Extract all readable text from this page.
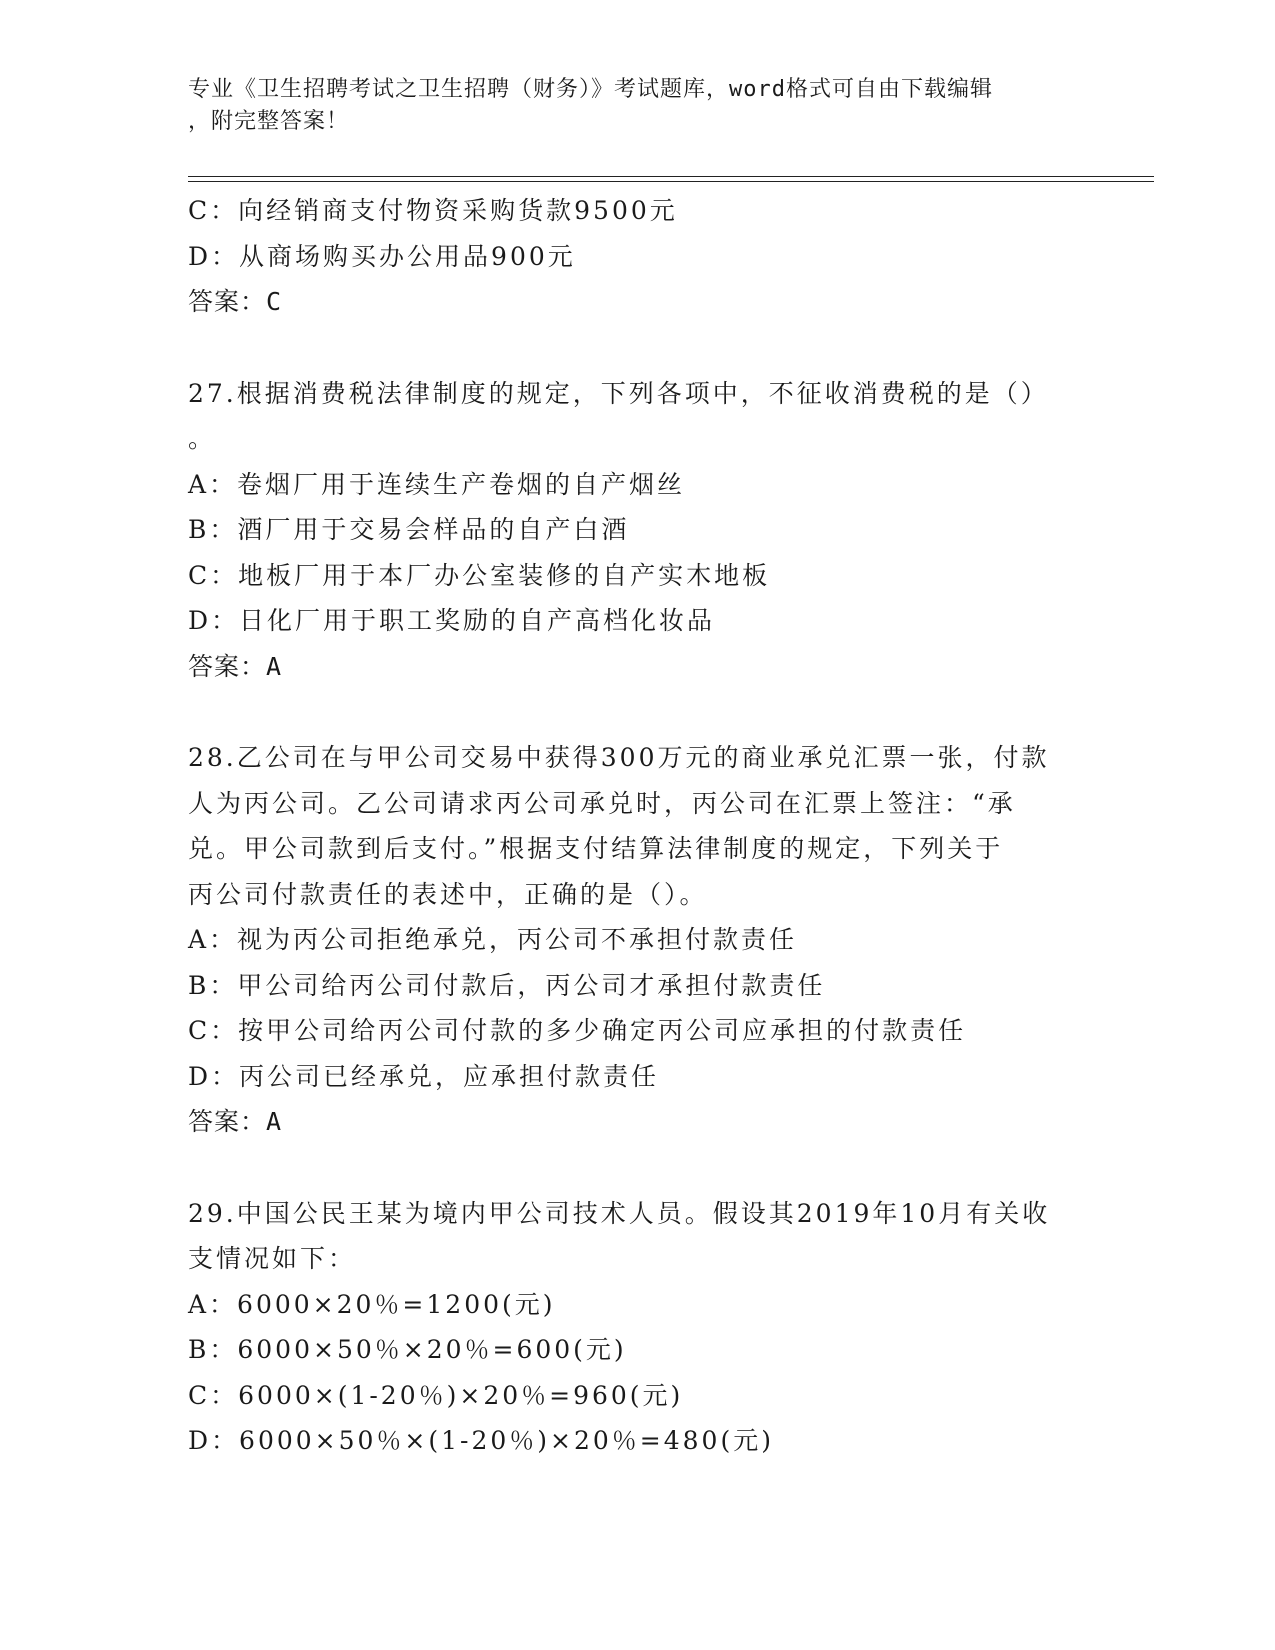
专业《卫生招聘考试之卫生招聘（财务）》考试题库，word格式可自由下载编辑
，附完整答案！
C：向经销商支付物资采购货款9500元
D：从商场购买办公用品900元
答案：C
27.根据消费税法律制度的规定，下列各项中，不征收消费税的是（）
。
A：卷烟厂用于连续生产卷烟的自产烟丝
B：酒厂用于交易会样品的自产白酒
C：地板厂用于本厂办公室装修的自产实木地板
D：日化厂用于职工奖励的自产高档化妆品
答案：A
28.乙公司在与甲公司交易中获得300万元的商业承兑汇票一张，付款
人为丙公司。乙公司请求丙公司承兑时，丙公司在汇票上签注：“承
兑。甲公司款到后支付。”根据支付结算法律制度的规定，下列关于
丙公司付款责任的表述中，正确的是（）。
A：视为丙公司拒绝承兑，丙公司不承担付款责任
B：甲公司给丙公司付款后，丙公司才承担付款责任
C：按甲公司给丙公司付款的多少确定丙公司应承担的付款责任
D：丙公司已经承兑，应承担付款责任
答案：A
29.中国公民王某为境内甲公司技术人员。假设其2019年10月有关收
支情况如下：
A：6000×20％=1200(元)
B：6000×50％×20％=600(元)
C：6000×(1-20％)×20％=960(元)
D：6000×50％×(1-20％)×20％=480(元)
